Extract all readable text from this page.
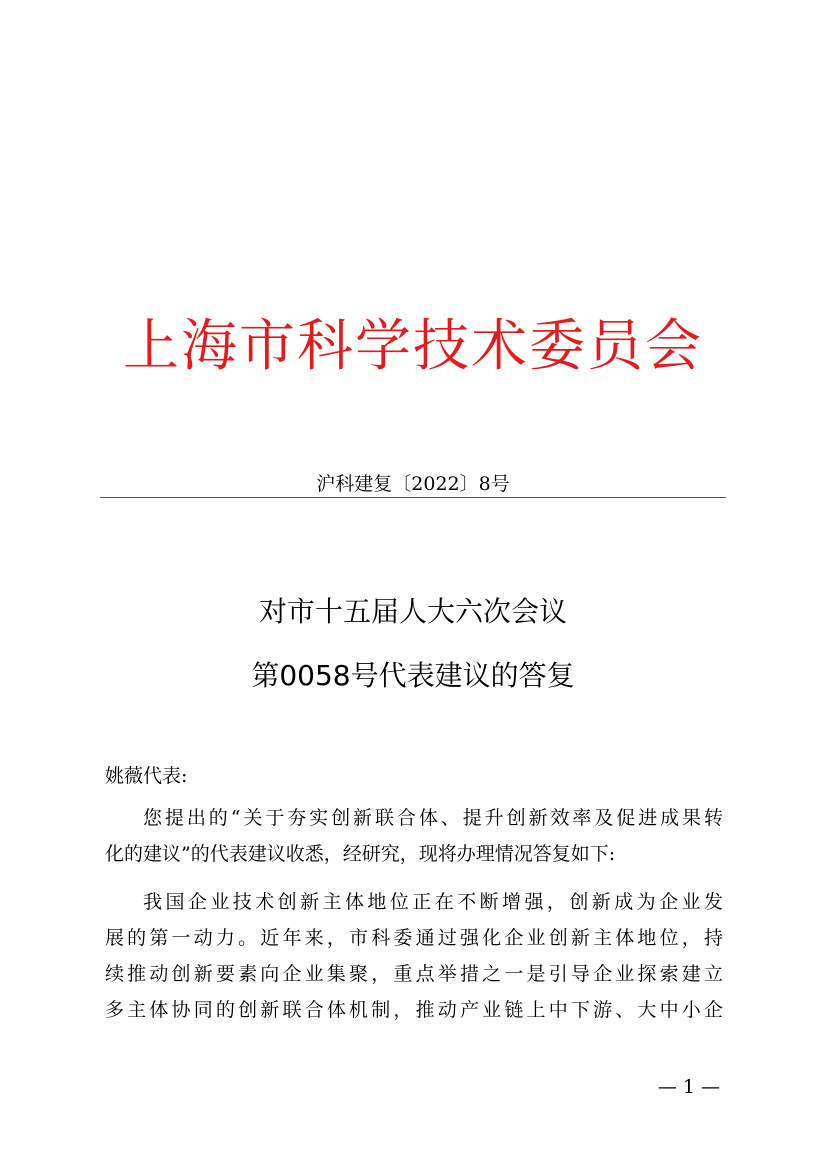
上海市科学技术委员会
沪科建复〔2022〕8号
对市十五届人大六次会议
第0058号代表建议的答复
姚薇代表:
您提出的“关于夯实创新联合体、提升创新效率及促进成果转
化的建议”的代表建议收悉，经研究，现将办理情况答复如下:
我国企业技术创新主体地位正在不断增强，创新成为企业发
展的第一动力。近年来，市科委通过强化企业创新主体地位，持
续推动创新要素向企业集聚，重点举措之一是引导企业探索建立
多主体协同的创新联合体机制，推动产业链上中下游、大中小企
— 1 —
